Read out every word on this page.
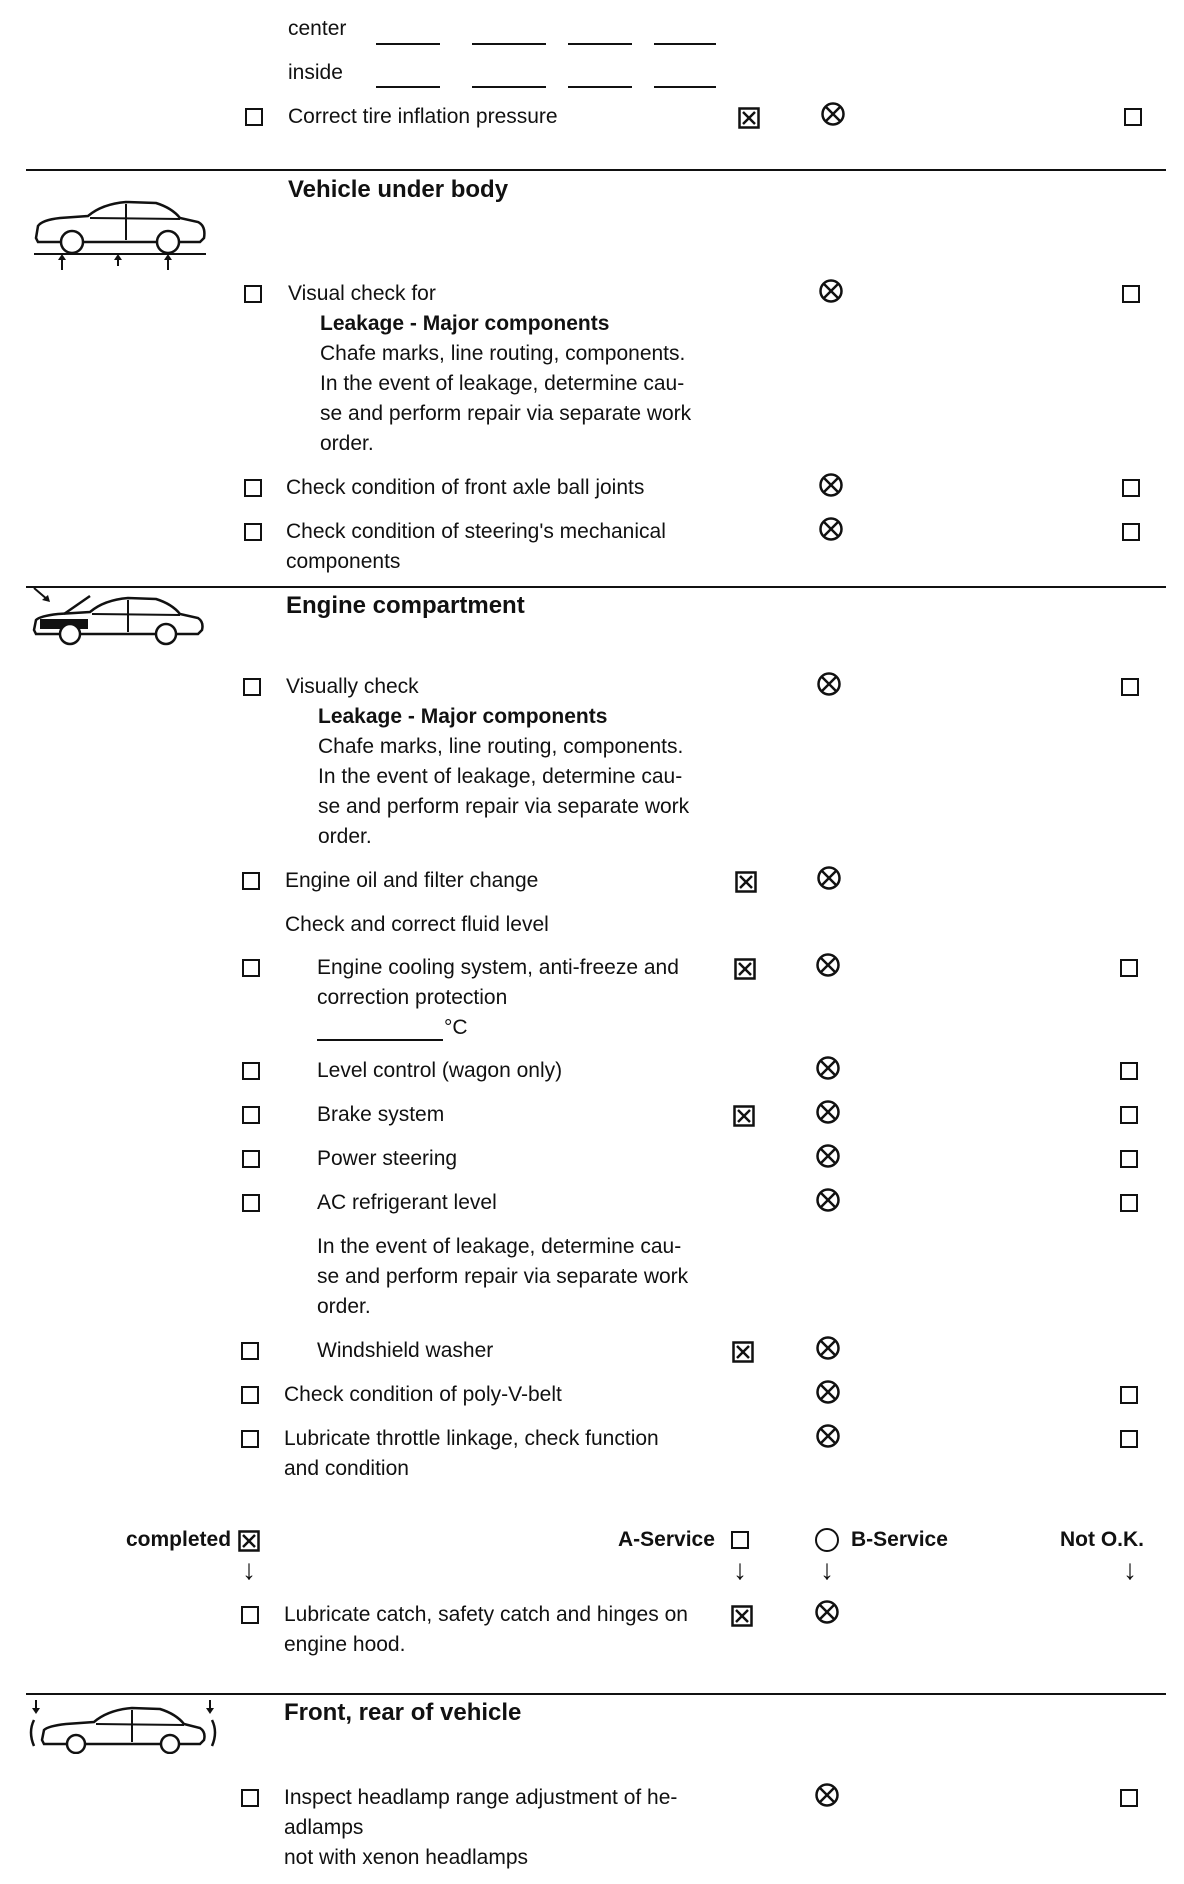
center
inside
Correct tire inflation pressure
Vehicle under body
Visual check for
Leakage - Major components
Chafe marks, line routing, components.
In the event of leakage, determine cau-
se and perform repair via separate work
order.
Check condition of front axle ball joints
Check condition of steering's mechanical
components
Engine compartment
Visually check
Leakage - Major components
Chafe marks, line routing, components.
In the event of leakage, determine cau-
se and perform repair via separate work
order.
Engine oil and filter change
Check and correct fluid level
Engine cooling system, anti-freeze and
correction protection
°C
Level control (wagon only)
Brake system
Power steering
AC refrigerant level
In the event of leakage, determine cau-
se and perform repair via separate work
order.
Windshield washer
Check condition of poly-V-belt
Lubricate throttle linkage, check function
and condition
completed
↓
A-Service
↓
B-Service
↓
Not O.K.
↓
Lubricate catch, safety catch and hinges on
engine hood.
Front, rear of vehicle
Inspect headlamp range adjustment of he-
adlamps
not with xenon headlamps
